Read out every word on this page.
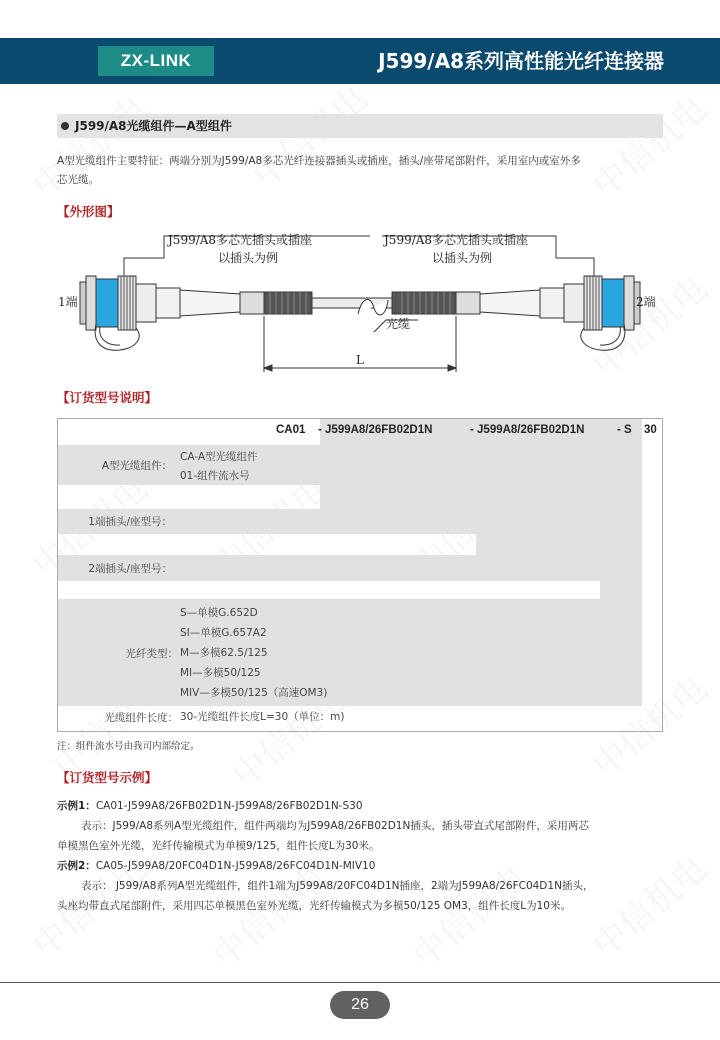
ZX-LINK	J599/A8系列高性能光纤连接器
J599/A8光缆组件—A型组件
A型光缆组件主要特征：两端分别为J599/A8多芯光纤连接器插头或插座，插头/座带尾部附件，采用室内或室外多
芯光缆。
【外形图】
J599/A8多芯光插头或插座
以插头为例
J599/A8多芯光插头或插座
以插头为例
1端	2端
光缆
L
【订货型号说明】
CA01 - J599A8/26FB02D1N	- J599A8/26FB02D1N	- S 30
A型光缆组件：
CA-A型光缆组件
01-组件流水号
1端插头/座型号：
2端插头/座型号：
光纤类型：
S—单模G.652D
SI—单模G.657A2
M—多模62.5/125
MI—多模50/125
MIV—多模50/125（高速OM3)
光缆组件长度： 30-光缆组件长度L=30（单位：m)
注：组件流水号由我司内部给定。
【订货型号示例】
示例1：CA01-J599A8/26FB02D1N-J599A8/26FB02D1N-S30
表示：J599/A8系列A型光缆组件，组件两端均为J599A8/26FB02D1N插头，插头带直式尾部附件，采用两芯
单模黑色室外光缆，光纤传输模式为单模9/125，组件长度L为30米。
示例2：CA05-J599A8/20FC04D1N-J599A8/26FC04D1N-MIV10
表示： J599/A8系列A型光缆组件，组件1端为J599A8/20FC04D1N插座，2端为J599A8/26FC04D1N插头，
头座均带直式尾部附件，采用四芯单模黑色室外光缆，光纤传输模式为多模50/125 OM3，组件长度L为10米。
26
